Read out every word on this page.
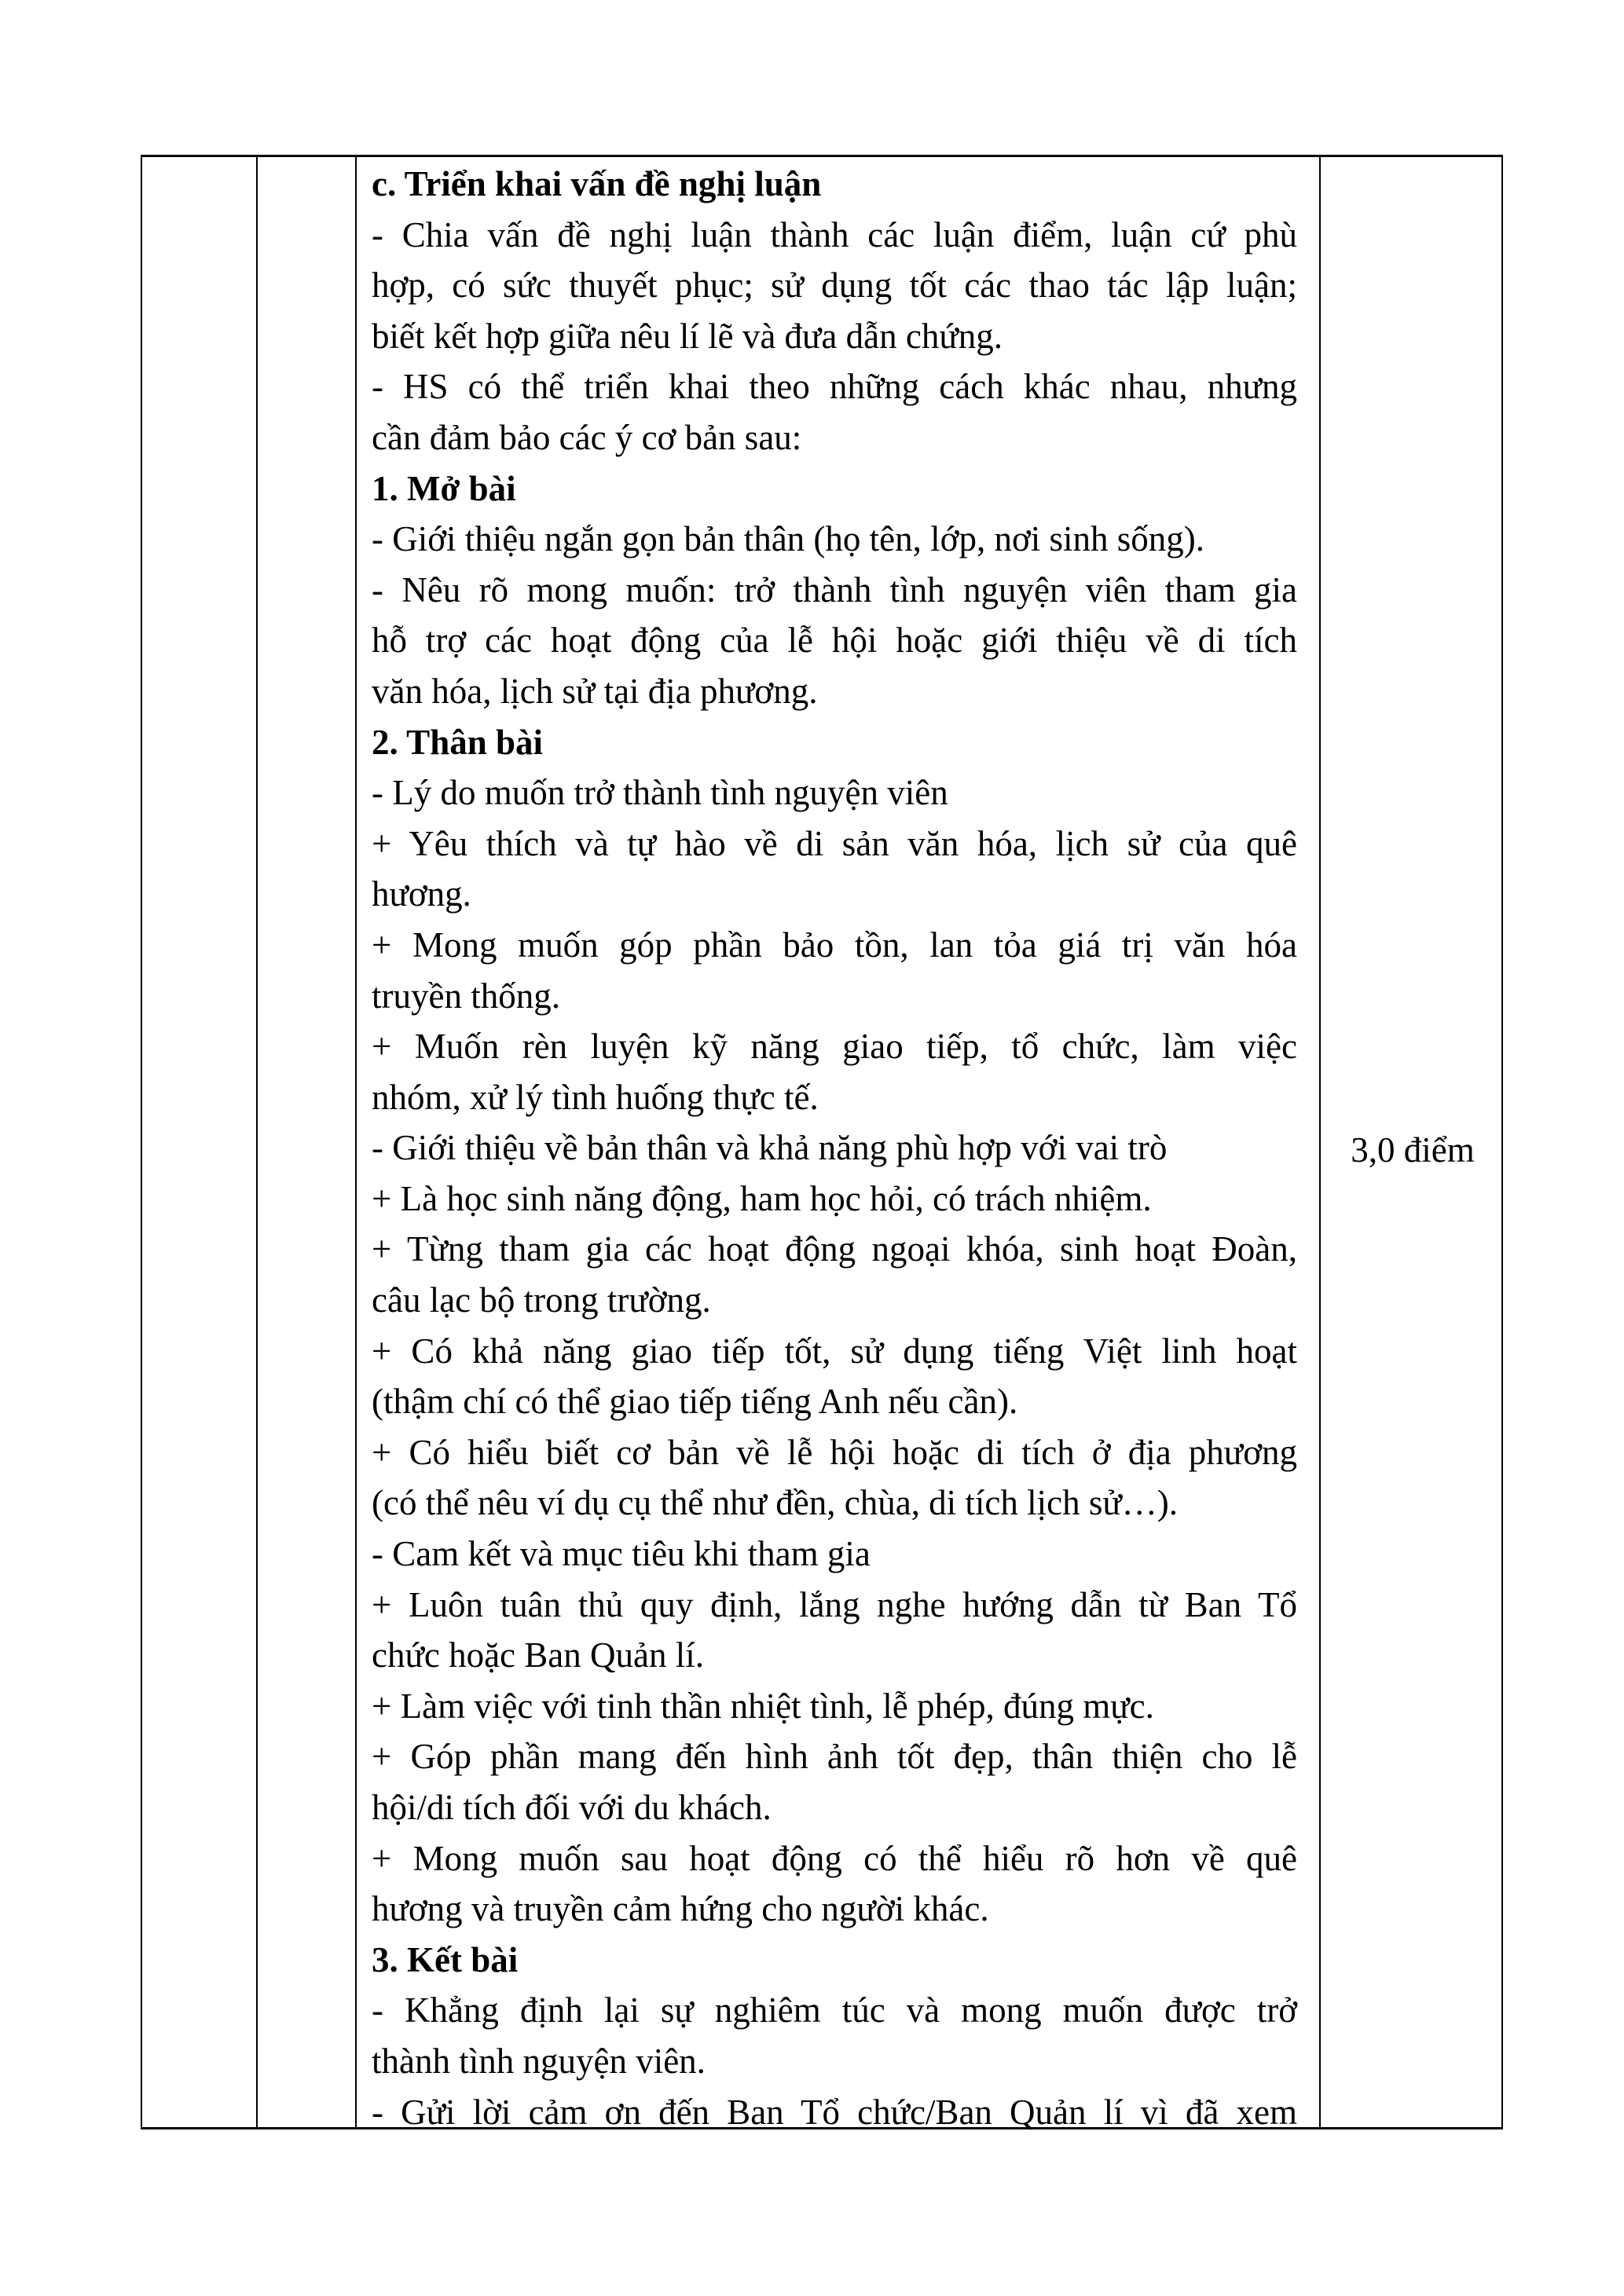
c. Triển khai vấn đề nghị luận
- Chia vấn đề nghị luận thành các luận điểm, luận cứ phù
hợp, có sức thuyết phục; sử dụng tốt các thao tác lập luận;
biết kết hợp giữa nêu lí lẽ và đưa dẫn chứng.
- HS có thể triển khai theo những cách khác nhau, nhưng
cần đảm bảo các ý cơ bản sau:
1. Mở bài
- Giới thiệu ngắn gọn bản thân (họ tên, lớp, nơi sinh sống).
- Nêu rõ mong muốn: trở thành tình nguyện viên tham gia
hỗ trợ các hoạt động của lễ hội hoặc giới thiệu về di tích
văn hóa, lịch sử tại địa phương.
2. Thân bài
- Lý do muốn trở thành tình nguyện viên
+ Yêu thích và tự hào về di sản văn hóa, lịch sử của quê
hương.
+ Mong muốn góp phần bảo tồn, lan tỏa giá trị văn hóa
truyền thống.
+ Muốn rèn luyện kỹ năng giao tiếp, tổ chức, làm việc
nhóm, xử lý tình huống thực tế.
- Giới thiệu về bản thân và khả năng phù hợp với vai trò
+ Là học sinh năng động, ham học hỏi, có trách nhiệm.
+ Từng tham gia các hoạt động ngoại khóa, sinh hoạt Đoàn,
câu lạc bộ trong trường.
+ Có khả năng giao tiếp tốt, sử dụng tiếng Việt linh hoạt
(thậm chí có thể giao tiếp tiếng Anh nếu cần).
+ Có hiểu biết cơ bản về lễ hội hoặc di tích ở địa phương
(có thể nêu ví dụ cụ thể như đền, chùa, di tích lịch sử…).
- Cam kết và mục tiêu khi tham gia
+ Luôn tuân thủ quy định, lắng nghe hướng dẫn từ Ban Tổ
chức hoặc Ban Quản lí.
+ Làm việc với tinh thần nhiệt tình, lễ phép, đúng mực.
+ Góp phần mang đến hình ảnh tốt đẹp, thân thiện cho lễ
hội/di tích đối với du khách.
+ Mong muốn sau hoạt động có thể hiểu rõ hơn về quê
hương và truyền cảm hứng cho người khác.
3. Kết bài
- Khẳng định lại sự nghiêm túc và mong muốn được trở
thành tình nguyện viên.
- Gửi lời cảm ơn đến Ban Tổ chức/Ban Quản lí vì đã xem
3,0 điểm
